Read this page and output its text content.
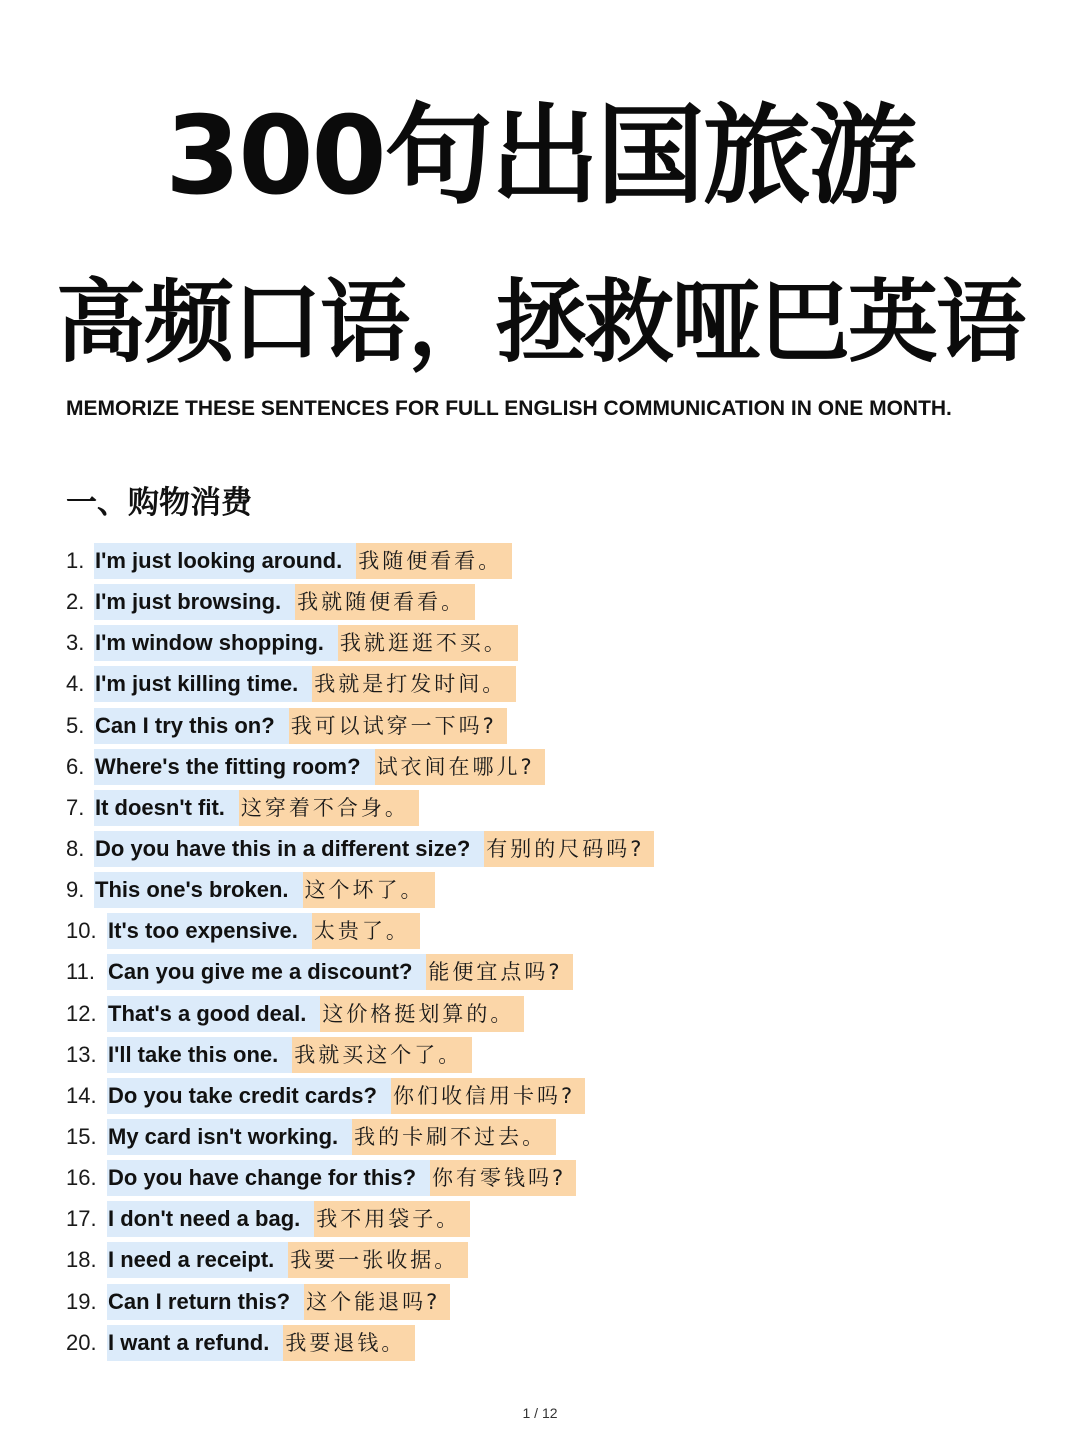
300句出国旅游
高频口语，拯救哑巴英语
MEMORIZE THESE SENTENCES FOR FULL ENGLISH COMMUNICATION IN ONE MONTH.
一、购物消费
1. I'm just looking around. 我随便看看。
2. I'm just browsing. 我就随便看看。
3. I'm window shopping. 我就逛逛不买。
4. I'm just killing time. 我就是打发时间。
5. Can I try this on? 我可以试穿一下吗?
6. Where's the fitting room? 试衣间在哪儿?
7. It doesn't fit. 这穿着不合身。
8. Do you have this in a different size? 有别的尺码吗?
9. This one's broken. 这个坏了。
10. It's too expensive. 太贵了。
11. Can you give me a discount? 能便宜点吗?
12. That's a good deal. 这价格挺划算的。
13. I'll take this one. 我就买这个了。
14. Do you take credit cards? 你们收信用卡吗?
15. My card isn't working. 我的卡刷不过去。
16. Do you have change for this? 你有零钱吗?
17. I don't need a bag. 我不用袋子。
18. I need a receipt. 我要一张收据。
19. Can I return this? 这个能退吗?
20. I want a refund. 我要退钱。
1 / 12
